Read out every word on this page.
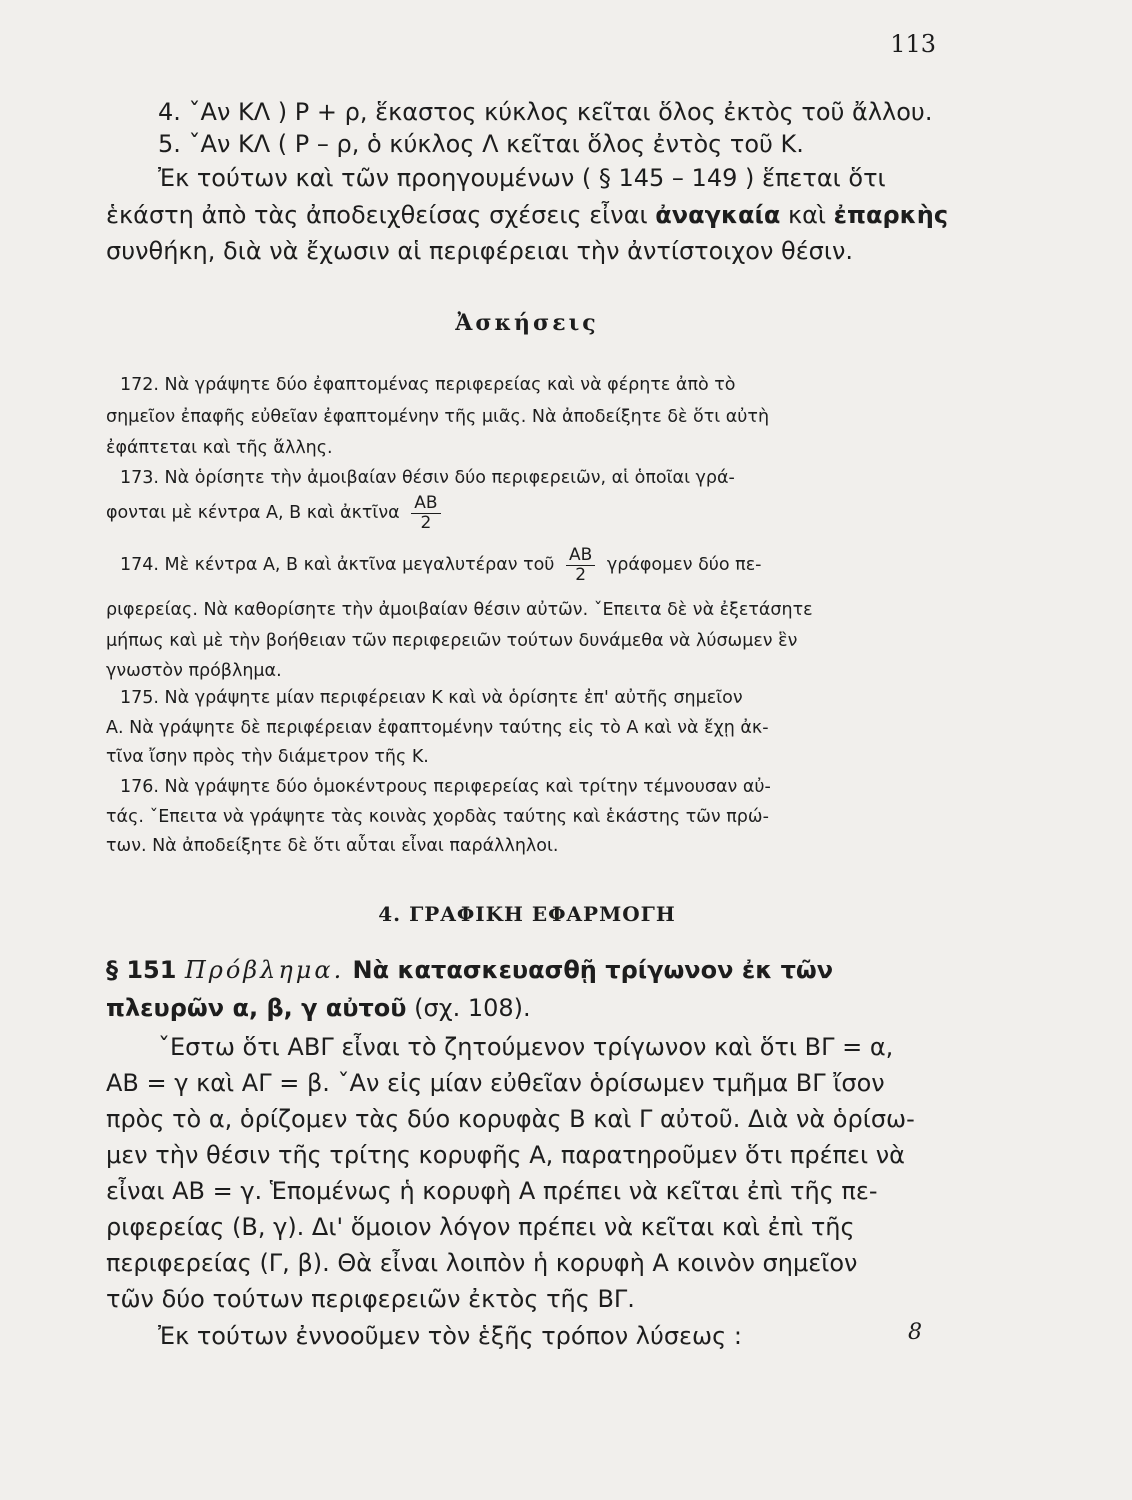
113
4. ˇΑν ΚΛ ) Ρ + ρ, ἕκαστος κύκλος κεῖται ὅλος ἐκτὸς τοῦ ἄλλου.
5. ˇΑν ΚΛ ( Ρ – ρ, ὁ κύκλος Λ κεῖται ὅλος ἐντὸς τοῦ Κ.
Ἐκ τούτων καὶ τῶν προηγουμένων ( § 145 – 149 ) ἕπεται ὅτι
ἑκάστη ἀπὸ τὰς ἀποδειχθείσας σχέσεις εἶναι ἀναγκαία καὶ ἐπαρκὴς
συνθήκη, διὰ νὰ ἔχωσιν αἱ περιφέρειαι τὴν ἀντίστοιχον θέσιν.
Ἀσκήσεις
172. Νὰ γράψητε δύο ἐφαπτομένας περιφερείας καὶ νὰ φέρητε ἀπὸ τὸ
σημεῖον ἐπαφῆς εὐθεῖαν ἐφαπτομένην τῆς μιᾶς. Νὰ ἀποδείξητε δὲ ὅτι αὐτὴ
ἐφάπτεται καὶ τῆς ἄλλης.
173. Νὰ ὁρίσητε τὴν ἀμοιβαίαν θέσιν δύο περιφερειῶν, αἱ ὁποῖαι γρά-
φονται μὲ κέντρα Α, Β καὶ ἀκτῖνα $\frac{AB}{2}$
174. Μὲ κέντρα Α, Β καὶ ἀκτῖνα μεγαλυτέραν τοῦ $\frac{AB}{2}$ γράφομεν δύο πε-
ριφερείας. Νὰ καθορίσητε τὴν ἀμοιβαίαν θέσιν αὐτῶν. ˇΕπειτα δὲ νὰ ἐξετάσητε
μήπως καὶ μὲ τὴν βοήθειαν τῶν περιφερειῶν τούτων δυνάμεθα νὰ λύσωμεν ἓν
γνωστὸν πρόβλημα.
175. Νὰ γράψητε μίαν περιφέρειαν Κ καὶ νὰ ὁρίσητε ἐπ' αὐτῆς σημεῖον
Α. Νὰ γράψητε δὲ περιφέρειαν ἐφαπτομένην ταύτης εἰς τὸ Α καὶ νὰ ἔχῃ ἀκ-
τῖνα ἴσην πρὸς τὴν διάμετρον τῆς Κ.
176. Νὰ γράψητε δύο ὁμοκέντρους περιφερείας καὶ τρίτην τέμνουσαν αὐ-
τάς. ˇΕπειτα νὰ γράψητε τὰς κοινὰς χορδὰς ταύτης καὶ ἑκάστης τῶν πρώ-
των. Νὰ ἀποδείξητε δὲ ὅτι αὗται εἶναι παράλληλοι.
4. ΓΡΑΦΙΚΗ ΕΦΑΡΜΟΓΗ
§ 151 Πρόβλημα. Νὰ κατασκευασθῇ τρίγωνον ἐκ τῶν
πλευρῶν α, β, γ αὐτοῦ (σχ. 108).
ˇΕστω ὅτι ΑΒΓ εἶναι τὸ ζητούμενον τρίγωνον καὶ ὅτι ΒΓ = α,
ΑΒ = γ καὶ ΑΓ = β. ˇΑν εἰς μίαν εὐθεῖαν ὁρίσωμεν τμῆμα ΒΓ ἴσον
πρὸς τὸ α, ὁρίζομεν τὰς δύο κορυφὰς Β καὶ Γ αὐτοῦ. Διὰ νὰ ὁρίσω-
μεν τὴν θέσιν τῆς τρίτης κορυφῆς Α, παρατηροῦμεν ὅτι πρέπει νὰ
εἶναι ΑΒ = γ. Ἑπομένως ἡ κορυφὴ Α πρέπει νὰ κεῖται ἐπὶ τῆς πε-
ριφερείας (Β, γ). Δι' ὅμοιον λόγον πρέπει νὰ κεῖται καὶ ἐπὶ τῆς
περιφερείας (Γ, β). Θὰ εἶναι λοιπὸν ἡ κορυφὴ Α κοινὸν σημεῖον
τῶν δύο τούτων περιφερειῶν ἐκτὸς τῆς ΒΓ.
Ἐκ τούτων ἐννοοῦμεν τὸν ἑξῆς τρόπον λύσεως :	8
